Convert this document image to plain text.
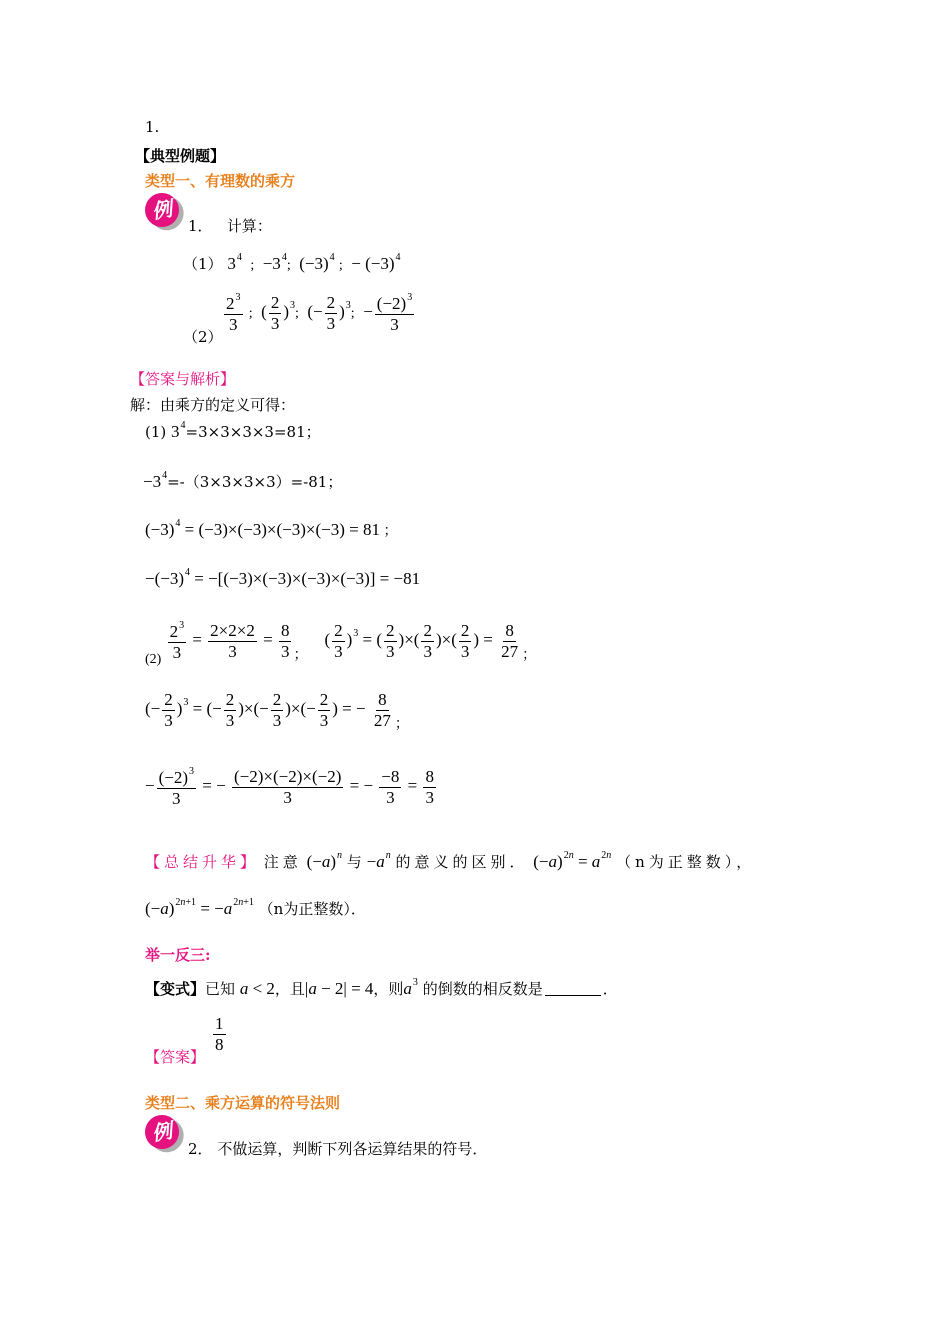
1.
【典型例题】
类型一、有理数的乘方
例
1． 计算：
（1） $3^4$  ;  $-3^4$;  $(-3)^4$ ;  − $(-3)^4$
$\frac{2^3}{3}$ ;  ( $\frac{2}{3} )^3$;  (− $\frac{2}{3} )^3$;  − $\frac{(-2)^3}{3}$
（2）
【答案与解析】
解：由乘方的定义可得：
(1) $3^4=3\times 3\times 3\times 3=81$；
$-3^4=-(3\times 3\times 3\times 3)=-81$；
$(-3)^4 = (-3)\times(-3)\times(-3)\times(-3) = 81$ ；
$-(-3)^4 = -[(-3)\times(-3)\times(-3)\times(-3)] = -81$
$_{(2)} \frac{2^3}{3} = \frac{2\times 2\times 2}{3} = \frac{8}{3} _;$    ( $\frac{2}{3} )^3$ = ( $\frac{2}{3}$ )×( $\frac{2}{3}$ )×( $\frac{2}{3}$ ) = $\frac{8}{27} _;$
(− $\frac{2}{3} )^3$ = (− $\frac{2}{3}$ )×(− $\frac{2}{3}$ )×(− $\frac{2}{3}$ ) = − $\frac{8}{27} _;$
− $\frac{(-2)^3}{3}$ = − $\frac{(-2)\times(-2)\times(-2)}{3}$ = − $\frac{-8}{3} = \frac{8}{3}$
【总结升华】 注意 $(-a)^n$ 与 $-a^n$ 的意义的区别． $(-a)^{2n} = a^{2n}$ （n为正整数），
$(-a)^{2n+1} = -a^{2n+1}$ （n为正整数）．
举一反三:
【变式】已知 a < 2，且|a − 2| = 4，则$a^3$ 的倒数的相反数是	．
$\frac{1}{8}$
【答案】
类型二、乘方运算的符号法则
例
2． 不做运算，判断下列各运算结果的符号．
